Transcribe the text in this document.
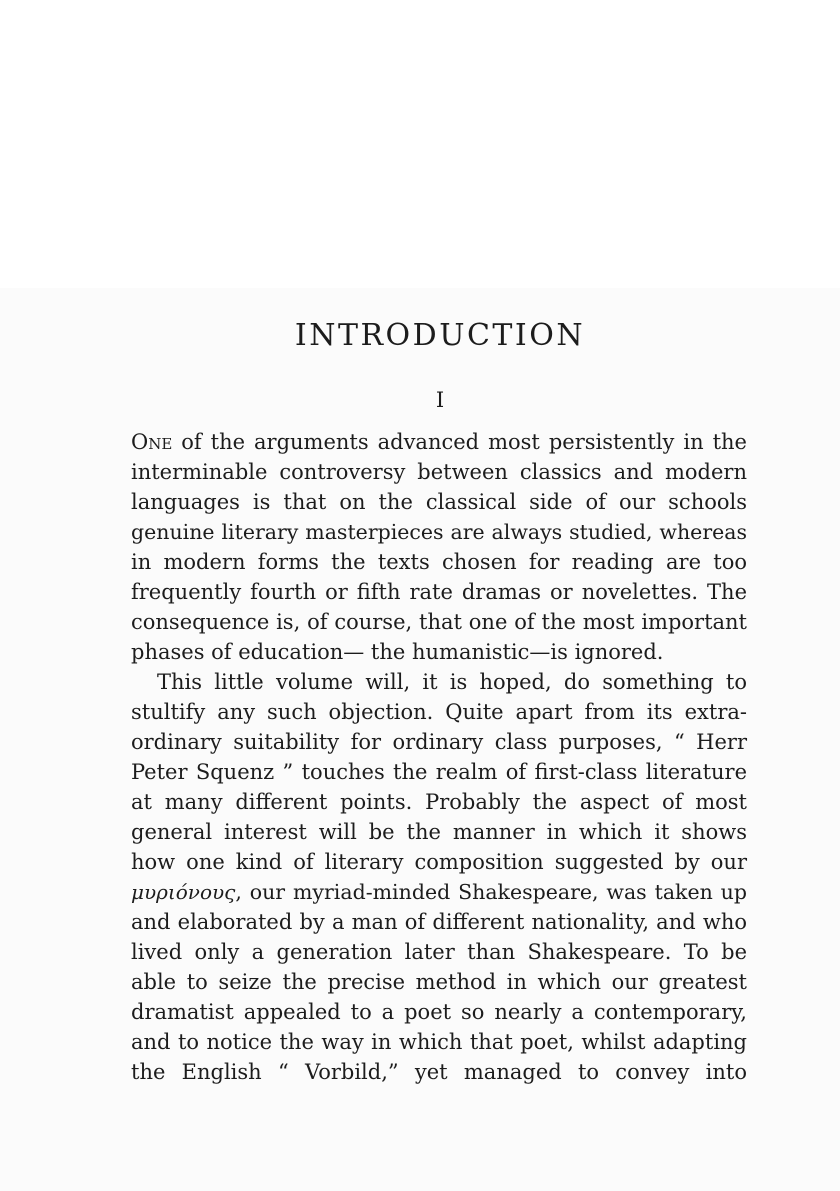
INTRODUCTION
I
One of the arguments advanced most persistently in the
interminable controversy between classics and modern
languages is that on the classical side of our schools
genuine literary masterpieces are always studied, whereas
in modern forms the texts chosen for reading are too
frequently fourth or fifth rate dramas or novelettes. The
consequence is, of course, that one of the most important
phases of education— the humanistic—is ignored.
This little volume will, it is hoped, do something to
stultify any such objection. Quite apart from its extra-
ordinary suitability for ordinary class purposes, “ Herr
Peter Squenz ” touches the realm of first-class literature
at many different points. Probably the aspect of most
general interest will be the manner in which it shows
how one kind of literary composition suggested by our
μυριόνους, our myriad-minded Shakespeare, was taken up
and elaborated by a man of different nationality, and who
lived only a generation later than Shakespeare. To be
able to seize the precise method in which our greatest
dramatist appealed to a poet so nearly a contemporary,
and to notice the way in which that poet, whilst adapting
the English “ Vorbild,” yet managed to convey into
